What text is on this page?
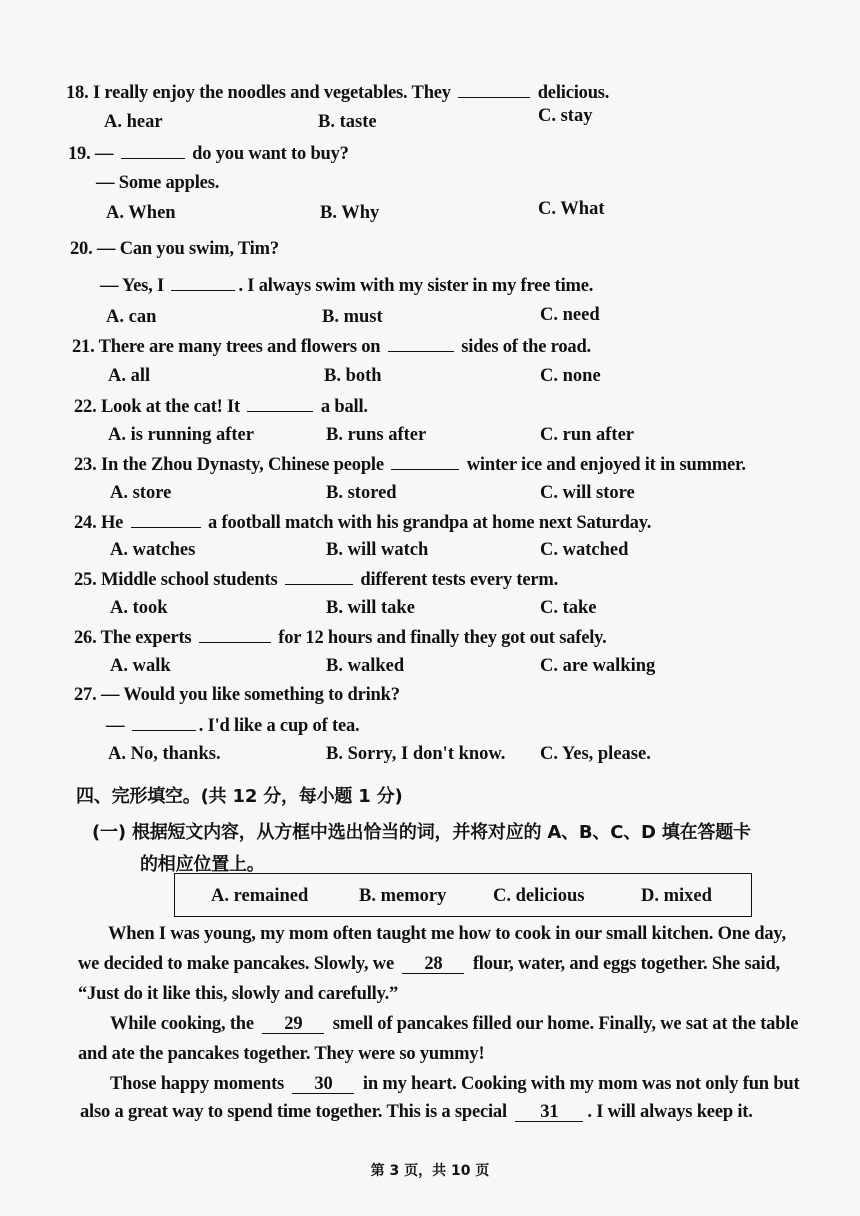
18. I really enjoy the noodles and vegetables. They	delicious.
A. hear	B. taste	C. stay
19. —	do you want to buy?
— Some apples.
A. When	B. Why	C. What
20. — Can you swim, Tim?
— Yes, I	. I always swim with my sister in my free time.
A. can	B. must	C. need
21. There are many trees and flowers on	sides of the road.
A. all	B. both	C. none
22. Look at the cat! It	a ball.
A. is running after	B. runs after	C. run after
23. In the Zhou Dynasty, Chinese people	winter ice and enjoyed it in summer.
A. store	B. stored	C. will store
24. He	a football match with his grandpa at home next Saturday.
A. watches	B. will watch	C. watched
25. Middle school students	different tests every term.
A. took	B. will take	C. take
26. The experts	for 12 hours and finally they got out safely.
A. walk	B. walked	C. are walking
27. — Would you like something to drink?
—	. I'd like a cup of tea.
A. No, thanks.	B. Sorry, I don't know. C. Yes, please.
四、完形填空。(共 12 分，每小题 1 分)
(一) 根据短文内容，从方框中选出恰当的词，并将对应的 A、B、C、D 填在答题卡
的相应位置上。
A. remained	B. memory	C. delicious	D. mixed
When I was young, my mom often taught me how to cook in our small kitchen. One day,
we decided to make pancakes. Slowly, we 28 flour, water, and eggs together. She said,
“Just do it like this, slowly and carefully.”
While cooking, the 29 smell of pancakes filled our home. Finally, we sat at the table
and ate the pancakes together. They were so yummy!
Those happy moments 30 in my heart. Cooking with my mom was not only fun but
also a great way to spend time together. This is a special 31 . I will always keep it.
第 3 页，共 10 页
